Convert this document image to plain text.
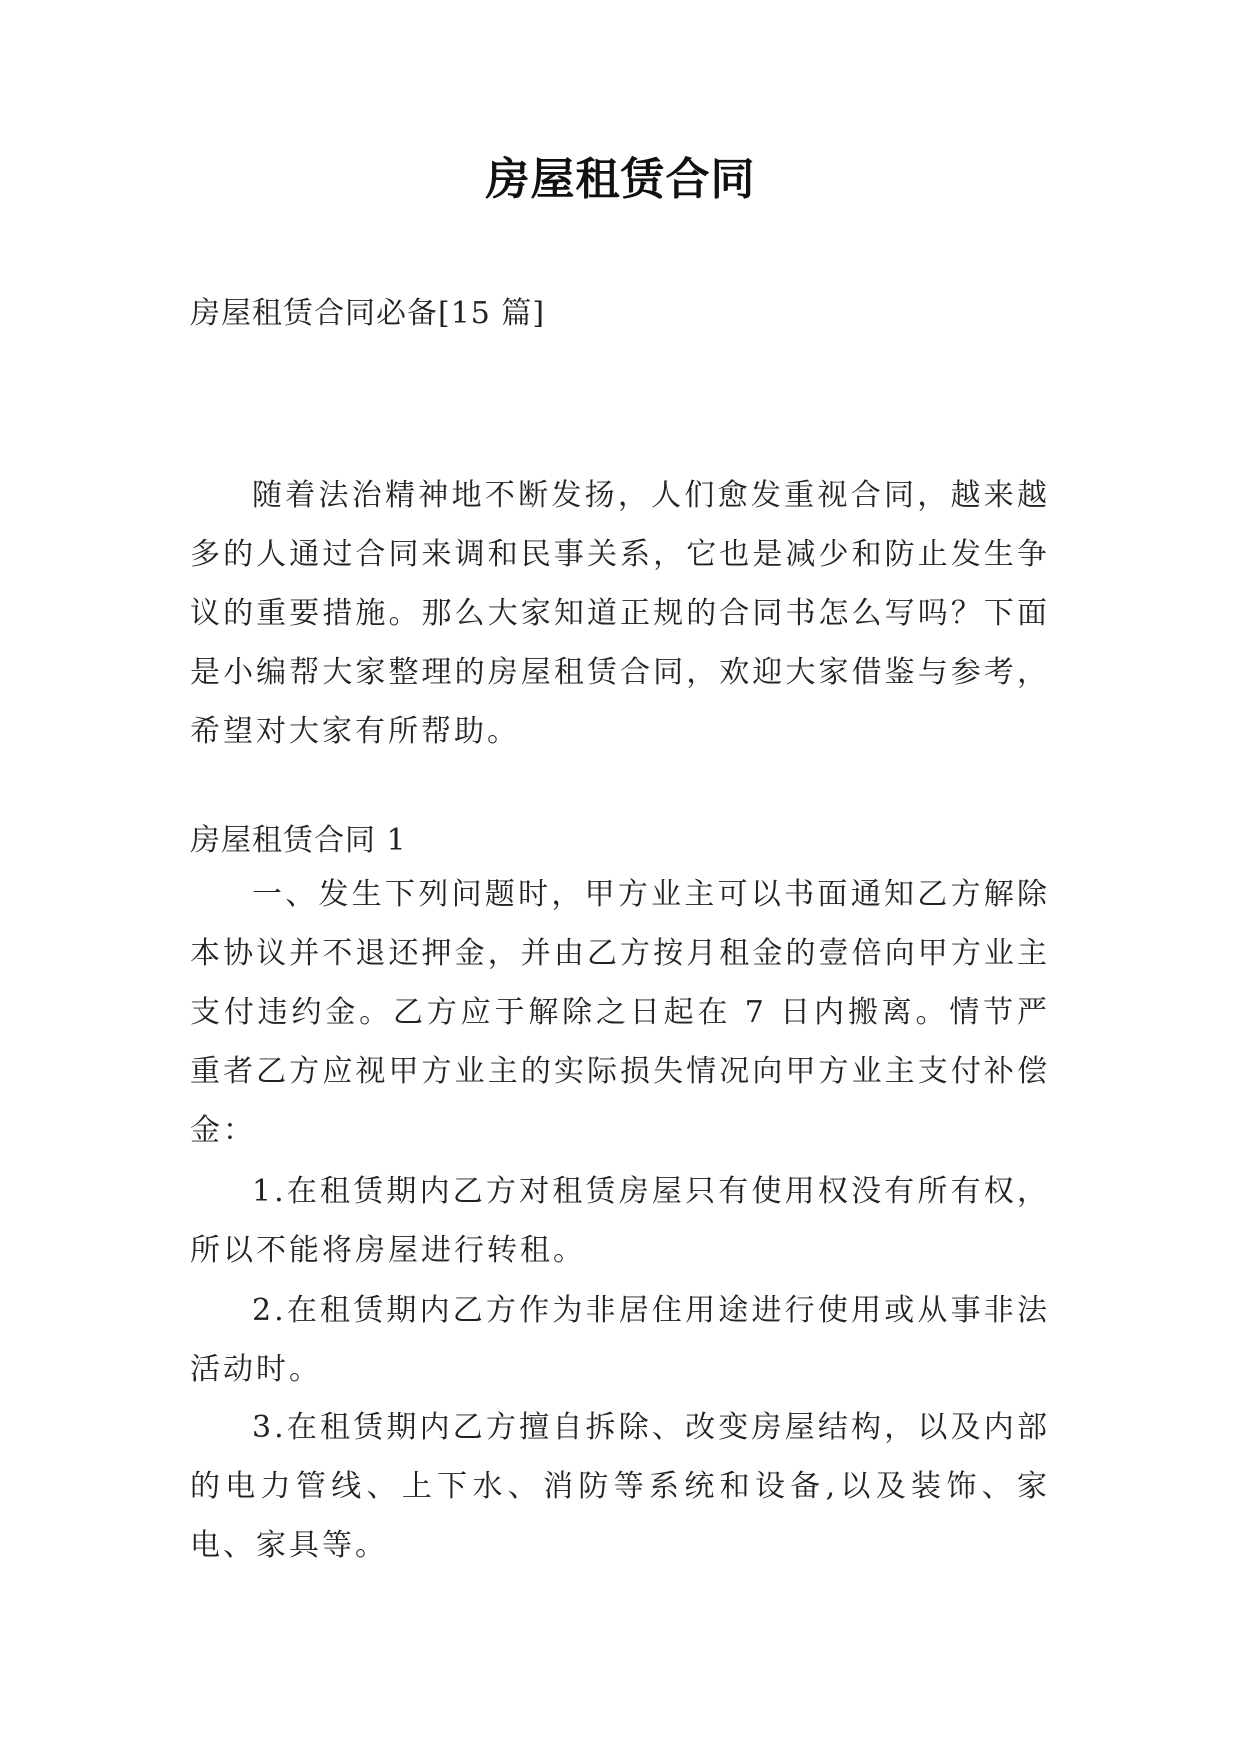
房屋租赁合同
房屋租赁合同必备[15 篇]

随着法治精神地不断发扬，人们愈发重视合同，越来越多的人通过合同来调和民事关系，它也是减少和防止发生争议的重要措施。那么大家知道正规的合同书怎么写吗？下面是小编帮大家整理的房屋租赁合同，欢迎大家借鉴与参考，希望对大家有所帮助。

房屋租赁合同 1

一、发生下列问题时，甲方业主可以书面通知乙方解除本协议并不退还押金，并由乙方按月租金的壹倍向甲方业主支付违约金。乙方应于解除之日起在 7 日内搬离。情节严重者乙方应视甲方业主的实际损失情况向甲方业主支付补偿金：

1.在租赁期内乙方对租赁房屋只有使用权没有所有权，所以不能将房屋进行转租。

2.在租赁期内乙方作为非居住用途进行使用或从事非法活动时。

3.在租赁期内乙方擅自拆除、改变房屋结构，以及内部的电力管线、上下水、消防等系统和设备,以及装饰、家电、家具等。
